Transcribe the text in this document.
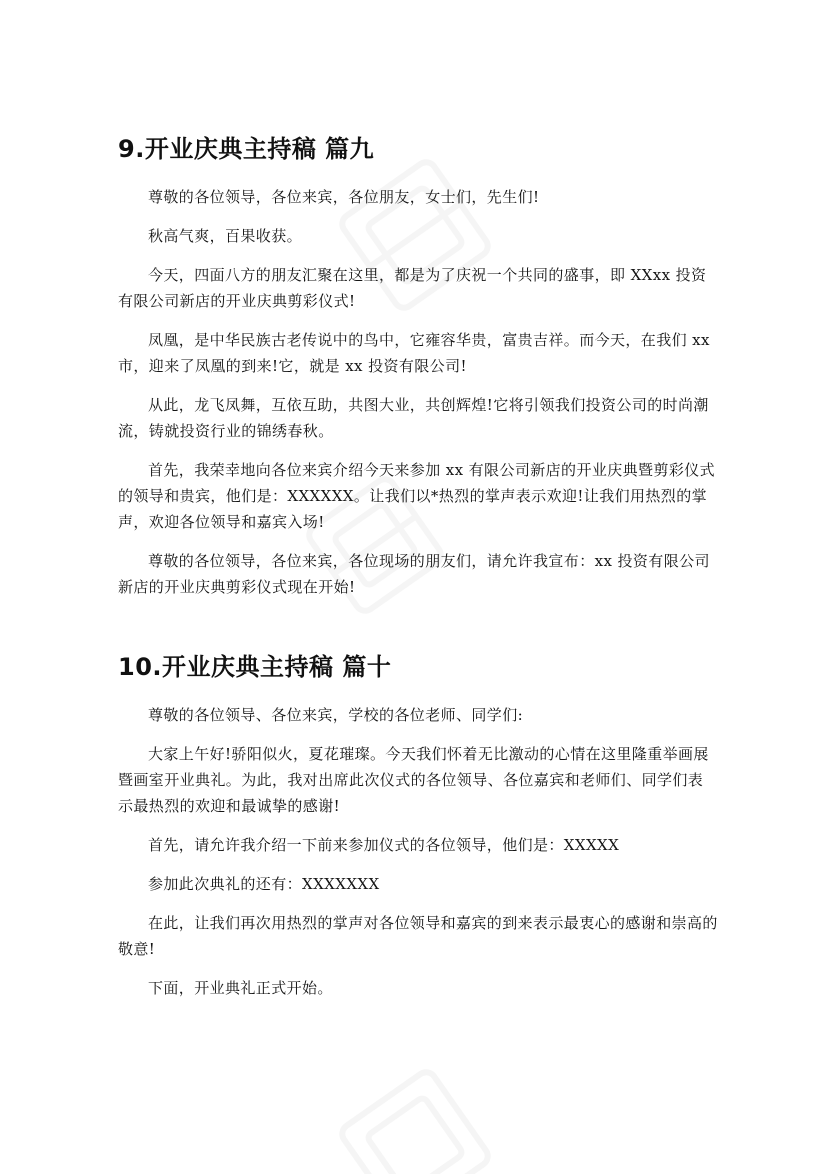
9.开业庆典主持稿 篇九

尊敬的各位领导，各位来宾，各位朋友，女士们，先生们!

秋高气爽，百果收获。

今天，四面八方的朋友汇聚在这里，都是为了庆祝一个共同的盛事，即 XXxx 投资有限公司新店的开业庆典剪彩仪式!

凤凰，是中华民族古老传说中的鸟中，它雍容华贵，富贵吉祥。而今天，在我们 xx 市，迎来了凤凰的到来!它，就是 xx 投资有限公司!

从此，龙飞凤舞，互依互助，共图大业，共创辉煌!它将引领我们投资公司的时尚潮流，铸就投资行业的锦绣春秋。

首先，我荣幸地向各位来宾介绍今天来参加 xx 有限公司新店的开业庆典暨剪彩仪式的领导和贵宾，他们是：XXXXXX。让我们以*热烈的掌声表示欢迎!让我们用热烈的掌声，欢迎各位领导和嘉宾入场!

尊敬的各位领导，各位来宾，各位现场的朋友们，请允许我宣布：xx 投资有限公司新店的开业庆典剪彩仪式现在开始!

10.开业庆典主持稿 篇十

尊敬的各位领导、各位来宾，学校的各位老师、同学们:

大家上午好!骄阳似火，夏花璀璨。今天我们怀着无比激动的心情在这里隆重举画展暨画室开业典礼。为此，我对出席此次仪式的各位领导、各位嘉宾和老师们、同学们表示最热烈的欢迎和最诚挚的感谢!

首先，请允许我介绍一下前来参加仪式的各位领导，他们是：XXXXX

参加此次典礼的还有：XXXXXXX

在此，让我们再次用热烈的掌声对各位领导和嘉宾的到来表示最衷心的感谢和崇高的敬意!

下面，开业典礼正式开始。
